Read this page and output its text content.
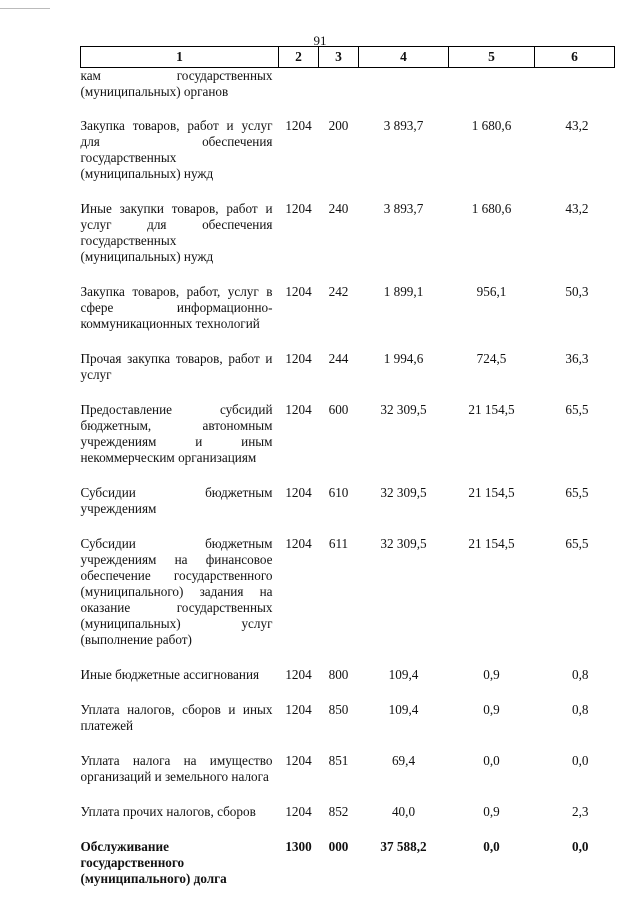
91
1	2	3	4	5	6
кам государственных (муниципальных) органов					
Закупка товаров, работ и услуг для обеспечения государственных (муниципальных) нужд	1204	200	3 893,7	1 680,6	43,2
Иные закупки товаров, работ и услуг для обеспечения государственных (муниципальных) нужд	1204	240	3 893,7	1 680,6	43,2
Закупка товаров, работ, услуг в сфере информационно-коммуникационных технологий	1204	242	1 899,1	956,1	50,3
Прочая закупка товаров, работ и услуг	1204	244	1 994,6	724,5	36,3
Предоставление субсидий бюджетным, автономным учреждениям и иным некоммерческим организациям	1204	600	32 309,5	21 154,5	65,5
Субсидии бюджетным учреждениям	1204	610	32 309,5	21 154,5	65,5
Субсидии бюджетным учреждениям на финансовое обеспечение государственного (муниципального) задания на оказание государственных (муниципальных) услуг (выполнение работ)	1204	611	32 309,5	21 154,5	65,5
Иные бюджетные ассигнования	1204	800	109,4	0,9	0,8
Уплата налогов, сборов и иных платежей	1204	850	109,4	0,9	0,8
Уплата налога на имущество организаций и земельного налога	1204	851	69,4	0,0	0,0
Уплата прочих налогов, сборов	1204	852	40,0	0,9	2,3
Обслуживание государственного (муниципального) долга	1300	000	37 588,2	0,0	0,0
